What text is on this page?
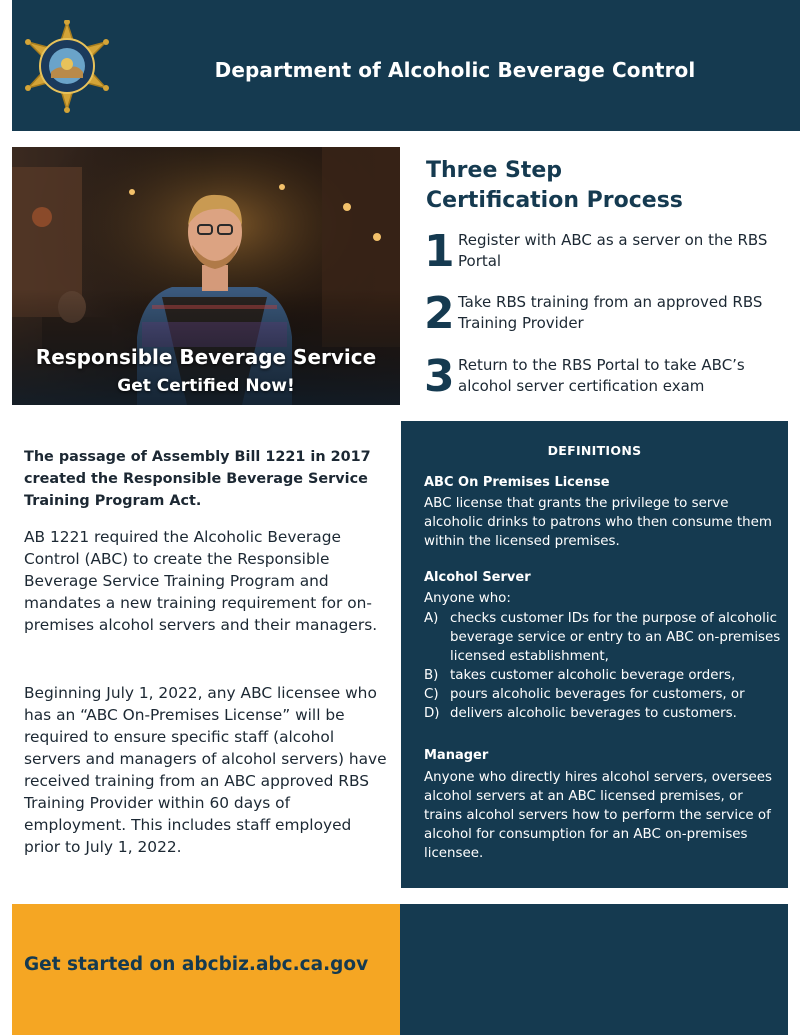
Department of Alcoholic Beverage Control
Responsible Beverage Service
Get Certified Now!
Three Step
Certification Process
1 Register with ABC as a server on the RBS Portal
2 Take RBS training from an approved RBS Training Provider
3 Return to the RBS Portal to take ABC’s alcohol server certification exam
The passage of Assembly Bill 1221 in 2017 created the Responsible Beverage Service Training Program Act.
AB 1221 required the Alcoholic Beverage Control (ABC) to create the Responsible Beverage Service Training Program and mandates a new training requirement for on-premises alcohol servers and their managers.
Beginning July 1, 2022, any ABC licensee who has an “ABC On-Premises License” will be required to ensure specific staff (alcohol servers and managers of alcohol servers) have received training from an ABC approved RBS Training Provider within 60 days of employment. This includes staff employed prior to July 1, 2022.
DEFINITIONS
ABC On Premises License
ABC license that grants the privilege to serve alcoholic drinks to patrons who then consume them within the licensed premises.
Alcohol Server
Anyone who:
A) checks customer IDs for the purpose of alcoholic beverage service or entry to an ABC on-premises licensed establishment,
B) takes customer alcoholic beverage orders,
C) pours alcoholic beverages for customers, or
D) delivers alcoholic beverages to customers.
Manager
Anyone who directly hires alcohol servers, oversees alcohol servers at an ABC licensed premises, or trains alcohol servers how to perform the service of alcohol for consumption for an ABC on-premises licensee.
Get started on abcbiz.abc.ca.gov
